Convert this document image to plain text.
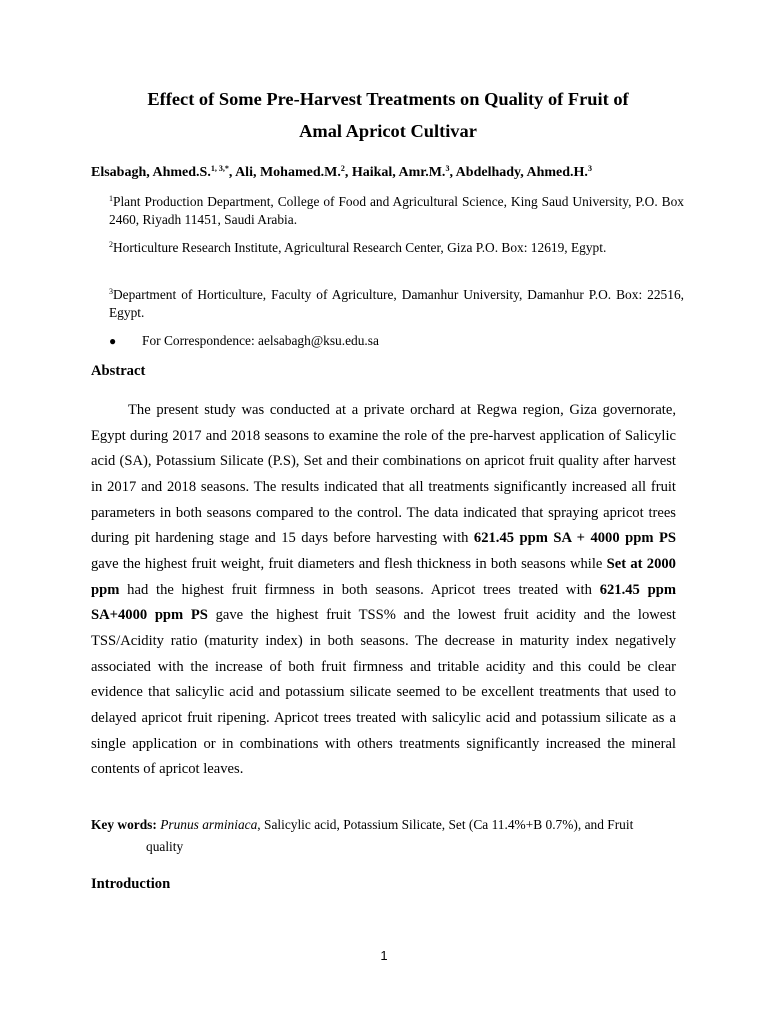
Effect of Some Pre-Harvest Treatments on Quality of Fruit of
Amal Apricot Cultivar
Elsabagh, Ahmed.S.$^{1, 3,*}$, Ali, Mohamed.M.$^2$, Haikal, Amr.M.$^3$, Abdelhady, Ahmed.H.$^3$
$^1$Plant Production Department, College of Food and Agricultural Science, King Saud University, P.O. Box 2460, Riyadh 11451, Saudi Arabia.
$^2$Horticulture Research Institute, Agricultural Research Center, Giza P.O. Box: 12619, Egypt.
$^3$Department of Horticulture, Faculty of Agriculture, Damanhur University, Damanhur P.O. Box: 22516,       Egypt.
● For Correspondence: aelsabagh@ksu.edu.sa
Abstract

The present study was conducted at a private orchard at Regwa region, Giza governorate, Egypt during 2017 and 2018 seasons to examine the role of the pre-harvest application of Salicylic acid (SA), Potassium Silicate (P.S), Set and their combinations on apricot fruit quality after harvest in 2017 and 2018 seasons. The results indicated that all treatments significantly increased all fruit parameters in both seasons compared to the control. The data indicated that spraying apricot trees during pit hardening stage and 15 days before harvesting with 621.45 ppm SA + 4000 ppm PS gave the highest fruit weight, fruit diameters and flesh thickness in both seasons while Set at 2000 ppm had the highest fruit firmness in both seasons. Apricot trees treated with 621.45 ppm SA+4000 ppm PS gave the highest fruit TSS% and the lowest fruit acidity and the lowest TSS/Acidity ratio (maturity index) in both seasons. The decrease in maturity index negatively associated with the increase of both fruit firmness and tritable acidity and this could be clear evidence that salicylic acid and potassium silicate seemed to be excellent treatments that used to delayed apricot fruit ripening. Apricot trees treated with salicylic acid and potassium silicate as a single application or in combinations with others treatments significantly increased the mineral contents of apricot leaves.

Key words: Prunus arminiaca, Salicylic acid, Potassium Silicate, Set (Ca 11.4%+B 0.7%), and Fruit
quality
Introduction
1
